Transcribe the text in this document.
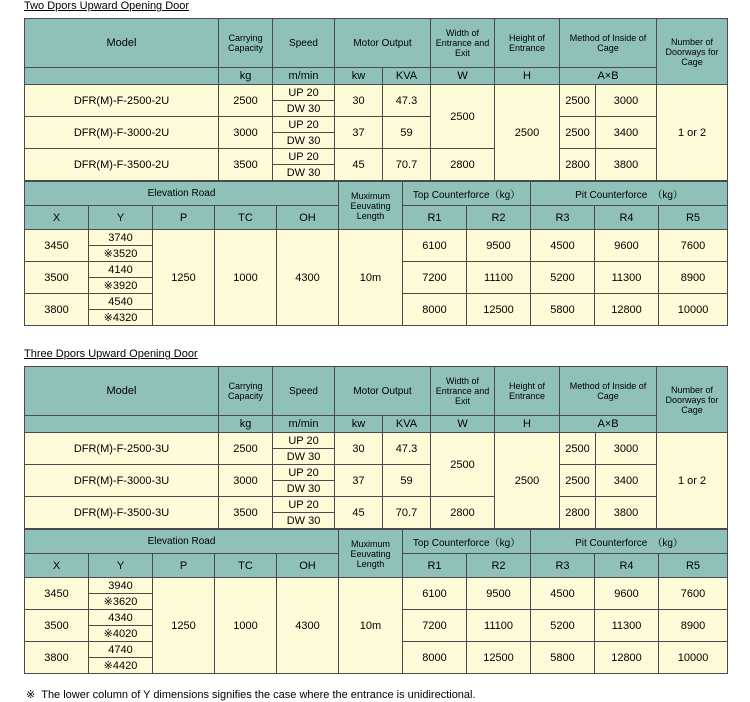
Two Dpors Upward Opening Door
Model	Carrying Capacity	Speed	Motor Output		Width of Entrance and Exit	Height of Entrance	Method of Inside of Cage		Number of Doorways for Cage
	kg	m/min	kw	KVA	W	H	A×B		
DFR(M)-F-2500-2U	2500	UP 20	30	47.3	2500	2500	2500	3000	1 or 2
		DW 30							
DFR(M)-F-3000-2U	3000	UP 20	37	59			2500	3400	
		DW 30							
DFR(M)-F-3500-2U	3500	UP 20	45	70.7	2800		2800	3800	
		DW 30							
Elevation Road					Muximum Eeuvating Length	Top Counterforce（kg）		Pit Counterforce　（kg）		
X	Y	P	TC	OH		R1	R2	R3	R4	R5
3450	3740	1250	1000	4300	10m	6100	9500	4500	9600	7600
	※3520									
3500	4140					7200	11100	5200	11300	8900
	※3920									
3800	4540					8000	12500	5800	12800	10000
	※4320									
Three Dpors Upward Opening Door
Model	Carrying Capacity	Speed	Motor Output		Width of Entrance and Exit	Height of Entrance	Method of Inside of Cage		Number of Doorways for Cage
	kg	m/min	kw	KVA	W	H	A×B		
DFR(M)-F-2500-3U	2500	UP 20	30	47.3	2500	2500	2500	3000	1 or 2
		DW 30							
DFR(M)-F-3000-3U	3000	UP 20	37	59			2500	3400	
		DW 30							
DFR(M)-F-3500-3U	3500	UP 20	45	70.7	2800		2800	3800	
		DW 30							
Elevation Road					Muximum Eeuvating Length	Top Counterforce（kg）		Pit Counterforce　（kg）		
X	Y	P	TC	OH		R1	R2	R3	R4	R5
3450	3940	1250	1000	4300	10m	6100	9500	4500	9600	7600
	※3620									
3500	4340					7200	11100	5200	11300	8900
	※4020									
3800	4740					8000	12500	5800	12800	10000
	※4420									
※ The lower column of Y dimensions signifies the case where the entrance is unidirectional.
